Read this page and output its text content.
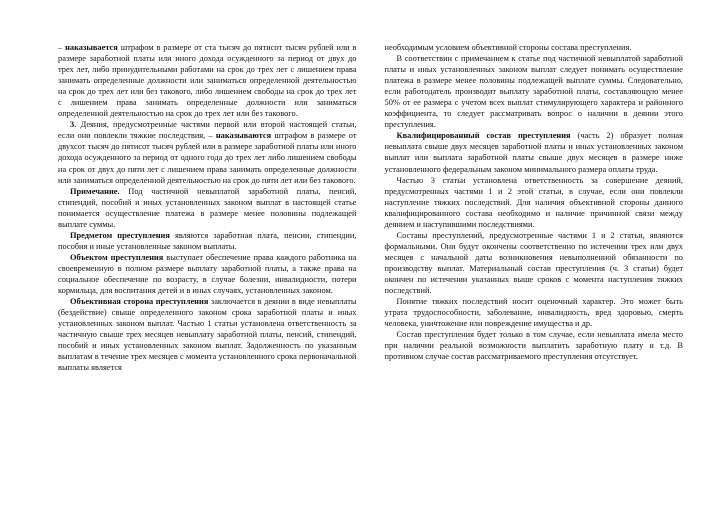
– наказывается штрафом в размере от ста тысяч до пятисот тысяч рублей или в размере заработной платы или иного дохода осужденного за период от двух до трех лет, либо принудительными работами на срок до трех лет с лишением права занимать определенные должности или заниматься определенной деятельностью на срок до трех лет или без такового, либо лишением свободы на срок до трех лет с лишением права занимать определенные должности или заниматься определенной деятельностью на срок до трех лет или без такового.

3. Деяния, предусмотренные частями первой или второй настоящей статьи, если они повлекли тяжкие последствия, – наказываются штрафом в размере от двухсот тысяч до пятисот тысяч рублей или в размере заработной платы или иного дохода осужденного за период от одного года до трех лет либо лишением свободы на срок от двух до пяти лет с лишением права занимать определенные должности или заниматься определенной деятельностью на срок до пяти лет или без такового.

Примечание. Под частичной невыплатой заработной платы, пенсий, стипендий, пособий и иных установленных законом выплат в настоящей статье понимается осуществление платежа в размере менее половины подлежащей выплате суммы.

Предметом преступления являются заработная плата, пенсии, стипендии, пособия и иные установленные законом выплаты.

Объектом преступления выступает обеспечение права каждого работника на своевременную в полном размере выплату заработной платы, а также права на социальное обеспечение по возрасту, в случае болезни, инвалидности, потери кормильца, для воспитания детей и в иных случаях, установленных законом.

Объективная сторона преступления заключается в деянии в виде невыплаты (бездействие) свыше определенного законом срока заработной платы и иных установленных законом выплат. Частью 1 статьи установлена ответственность за частичную свыше трех месяцев невыплату заработной платы, пенсий, стипендий, пособий и иных установленных законом выплат. Задолженность по указанным выплатам в течение трех месяцев с момента установленного срока первоначальной выплаты является

необходимым условием объективной стороны состава преступления.

В соответствии с примечанием к статье под частичной невыплатой заработной платы и иных установленных законом выплат следует понимать осуществление платежа в размере менее половины подлежащей выплате суммы. Следовательно, если работодатель производит выплату заработной платы, составляющую менее 50% от ее размера с учетом всех выплат стимулирующего характера и районного коэффициента, то следует рассматривать вопрос о наличии в деянии этого преступления.

Квалифицированный состав преступления (часть 2) образует полная невыплата свыше двух месяцев заработной платы и иных установленных законом выплат или выплата заработной платы свыше двух месяцев в размере ниже установленного федеральным законом минимального размера оплаты труда.

Частью 3 статьи установлена ответственность за совершение деяний, предусмотренных частями 1 и 2 этой статьи, в случае, если они повлекли наступление тяжких последствий. Для наличия объективной стороны данного квалифицированного состава необходимо и наличие причинной связи между деянием и наступившими последствиями.

Составы преступлений, предусмотренные частями 1 и 2 статьи, являются формальными. Они будут окончены соответственно по истечении трех или двух месяцев с начальной даты возникновения невыполненной обязанности по производству выплат. Материальный состав преступления (ч. 3 статьи) будет окончен по истечении указанных выше сроков с момента наступления тяжких последствий.

Понятие тяжких последствий носит оценочный характер. Это может быть утрата трудоспособности, заболевание, инвалидность, вред здоровью, смерть человека, уничтожение или повреждение имущества и др.

Состав преступления будет только в том случае, если невыплата имела место при наличии реальной возможности выплатить заработную плату и т.д. В противном случае состав рассматриваемого преступления отсутствует.
